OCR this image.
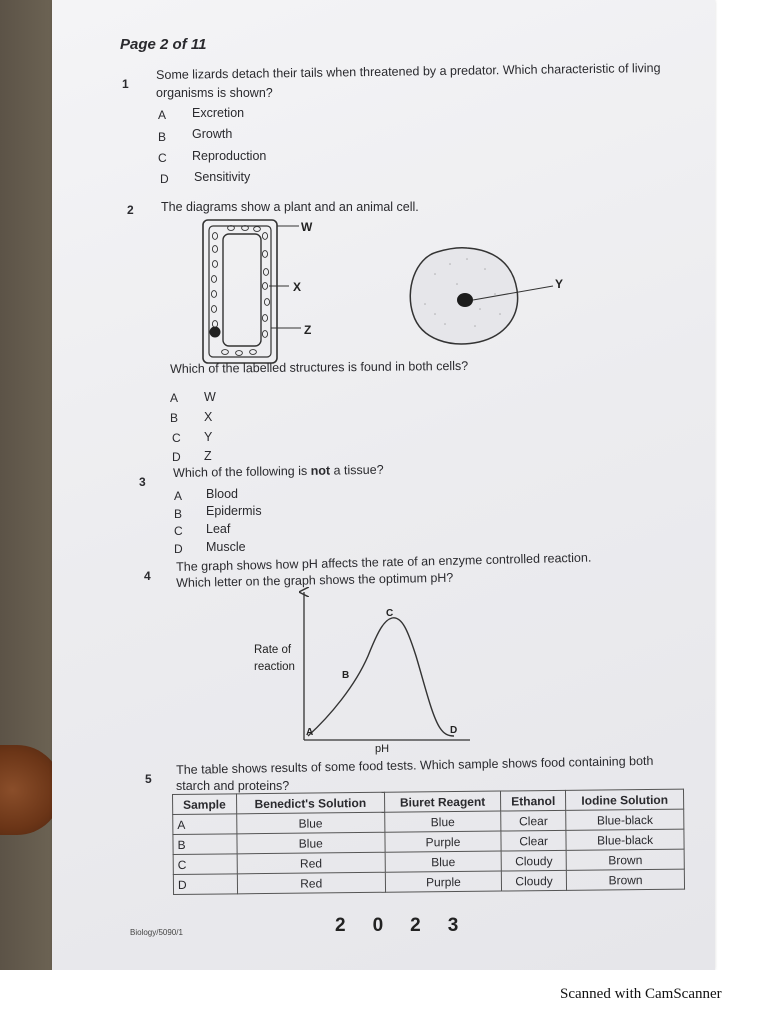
Page 2 of 11
1
Some lizards detach their tails when threatened by a predator. Which characteristic of living
organisms is shown?
A Excretion
B Growth
C Reproduction
D Sensitivity
2 The diagrams show a plant and an animal cell.
W
X
Z
Y
Which of the labelled structures is found in both cells?
A W
B X
C Y
D Z
3
Which of the following is not a tissue?
A Blood
B Epidermis
C Leaf
D Muscle
4
The graph shows how pH affects the rate of an enzyme controlled reaction.
Which letter on the graph shows the optimum pH?
Rate of
reaction
pH
A
B
C
D
5
The table shows results of some food tests. Which sample shows food containing both
starch and proteins?
Sample	Benedict's Solution	Biuret Reagent	Ethanol	Iodine Solution
A	Blue	Blue	Clear	Blue-black
B	Blue	Purple	Clear	Blue-black
C	Red	Blue	Cloudy	Brown
D	Red	Purple	Cloudy	Brown
Biology/5090/1	2023
Scanned with CamScanner
